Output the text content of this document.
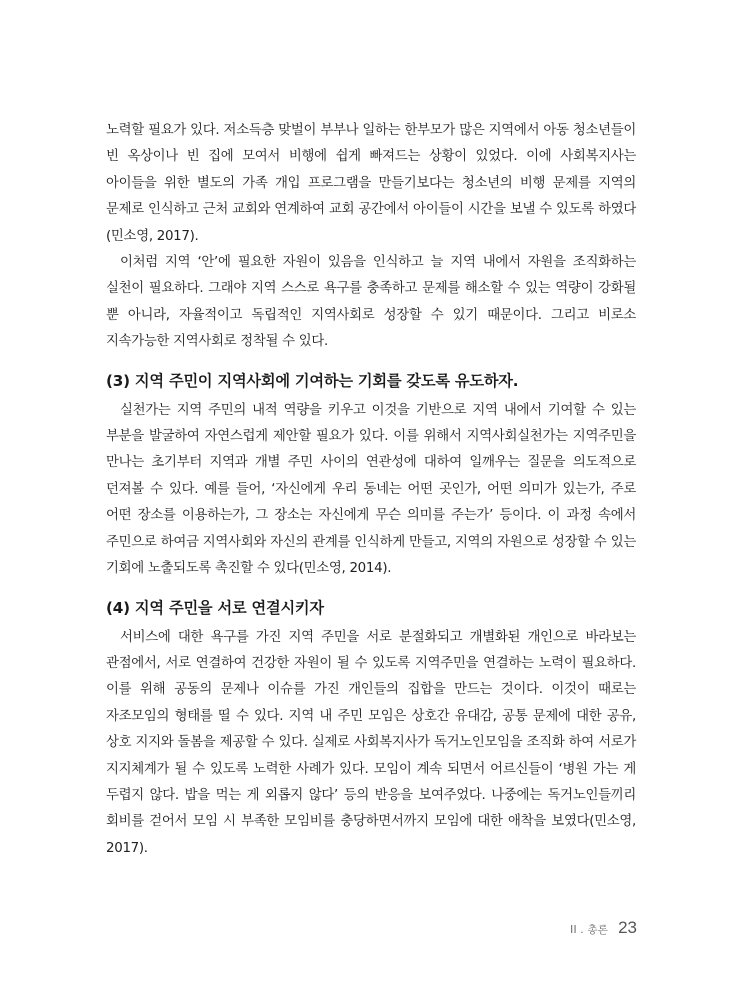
노력할 필요가 있다. 저소득층 맞벌이 부부나 일하는 한부모가 많은 지역에서 아동 청소년들이 빈 옥상이나 빈 집에 모여서 비행에 쉽게 빠져드는 상황이 있었다. 이에 사회복지사는 아이들을 위한 별도의 가족 개입 프로그램을 만들기보다는 청소년의 비행 문제를 지역의 문제로 인식하고 근처 교회와 연계하여 교회 공간에서 아이들이 시간을 보낼 수 있도록 하였다(민소영, 2017).

이처럼 지역 ‘안’에 필요한 자원이 있음을 인식하고 늘 지역 내에서 자원을 조직화하는 실천이 필요하다. 그래야 지역 스스로 욕구를 충족하고 문제를 해소할 수 있는 역량이 강화될 뿐 아니라, 자율적이고 독립적인 지역사회로 성장할 수 있기 때문이다. 그리고 비로소 지속가능한 지역사회로 정착될 수 있다.

(3) 지역 주민이 지역사회에 기여하는 기회를 갖도록 유도하자.

실천가는 지역 주민의 내적 역량을 키우고 이것을 기반으로 지역 내에서 기여할 수 있는 부분을 발굴하여 자연스럽게 제안할 필요가 있다. 이를 위해서 지역사회실천가는 지역주민을 만나는 초기부터 지역과 개별 주민 사이의 연관성에 대하여 일깨우는 질문을 의도적으로 던져볼 수 있다. 예를 들어, ‘자신에게 우리 동네는 어떤 곳인가, 어떤 의미가 있는가, 주로 어떤 장소를 이용하는가, 그 장소는 자신에게 무슨 의미를 주는가’ 등이다. 이 과정 속에서 주민으로 하여금 지역사회와 자신의 관계를 인식하게 만들고, 지역의 자원으로 성장할 수 있는 기회에 노출되도록 촉진할 수 있다(민소영, 2014).

(4) 지역 주민을 서로 연결시키자

서비스에 대한 욕구를 가진 지역 주민을 서로 분절화되고 개별화된 개인으로 바라보는 관점에서, 서로 연결하여 건강한 자원이 될 수 있도록 지역주민을 연결하는 노력이 필요하다. 이를 위해 공동의 문제나 이슈를 가진 개인들의 집합을 만드는 것이다. 이것이 때로는 자조모임의 형태를 띨 수 있다. 지역 내 주민 모임은 상호간 유대감, 공통 문제에 대한 공유, 상호 지지와 돌봄을 제공할 수 있다. 실제로 사회복지사가 독거노인모임을 조직화 하여 서로가 지지체계가 될 수 있도록 노력한 사례가 있다. 모임이 계속 되면서 어르신들이 ‘병원 가는 게 두렵지 않다. 밥을 먹는 게 외롭지 않다’ 등의 반응을 보여주었다. 나중에는 독거노인들끼리 회비를 걷어서 모임 시 부족한 모임비를 충당하면서까지 모임에 대한 애착을 보였다(민소영, 2017).

II . 총론 23
